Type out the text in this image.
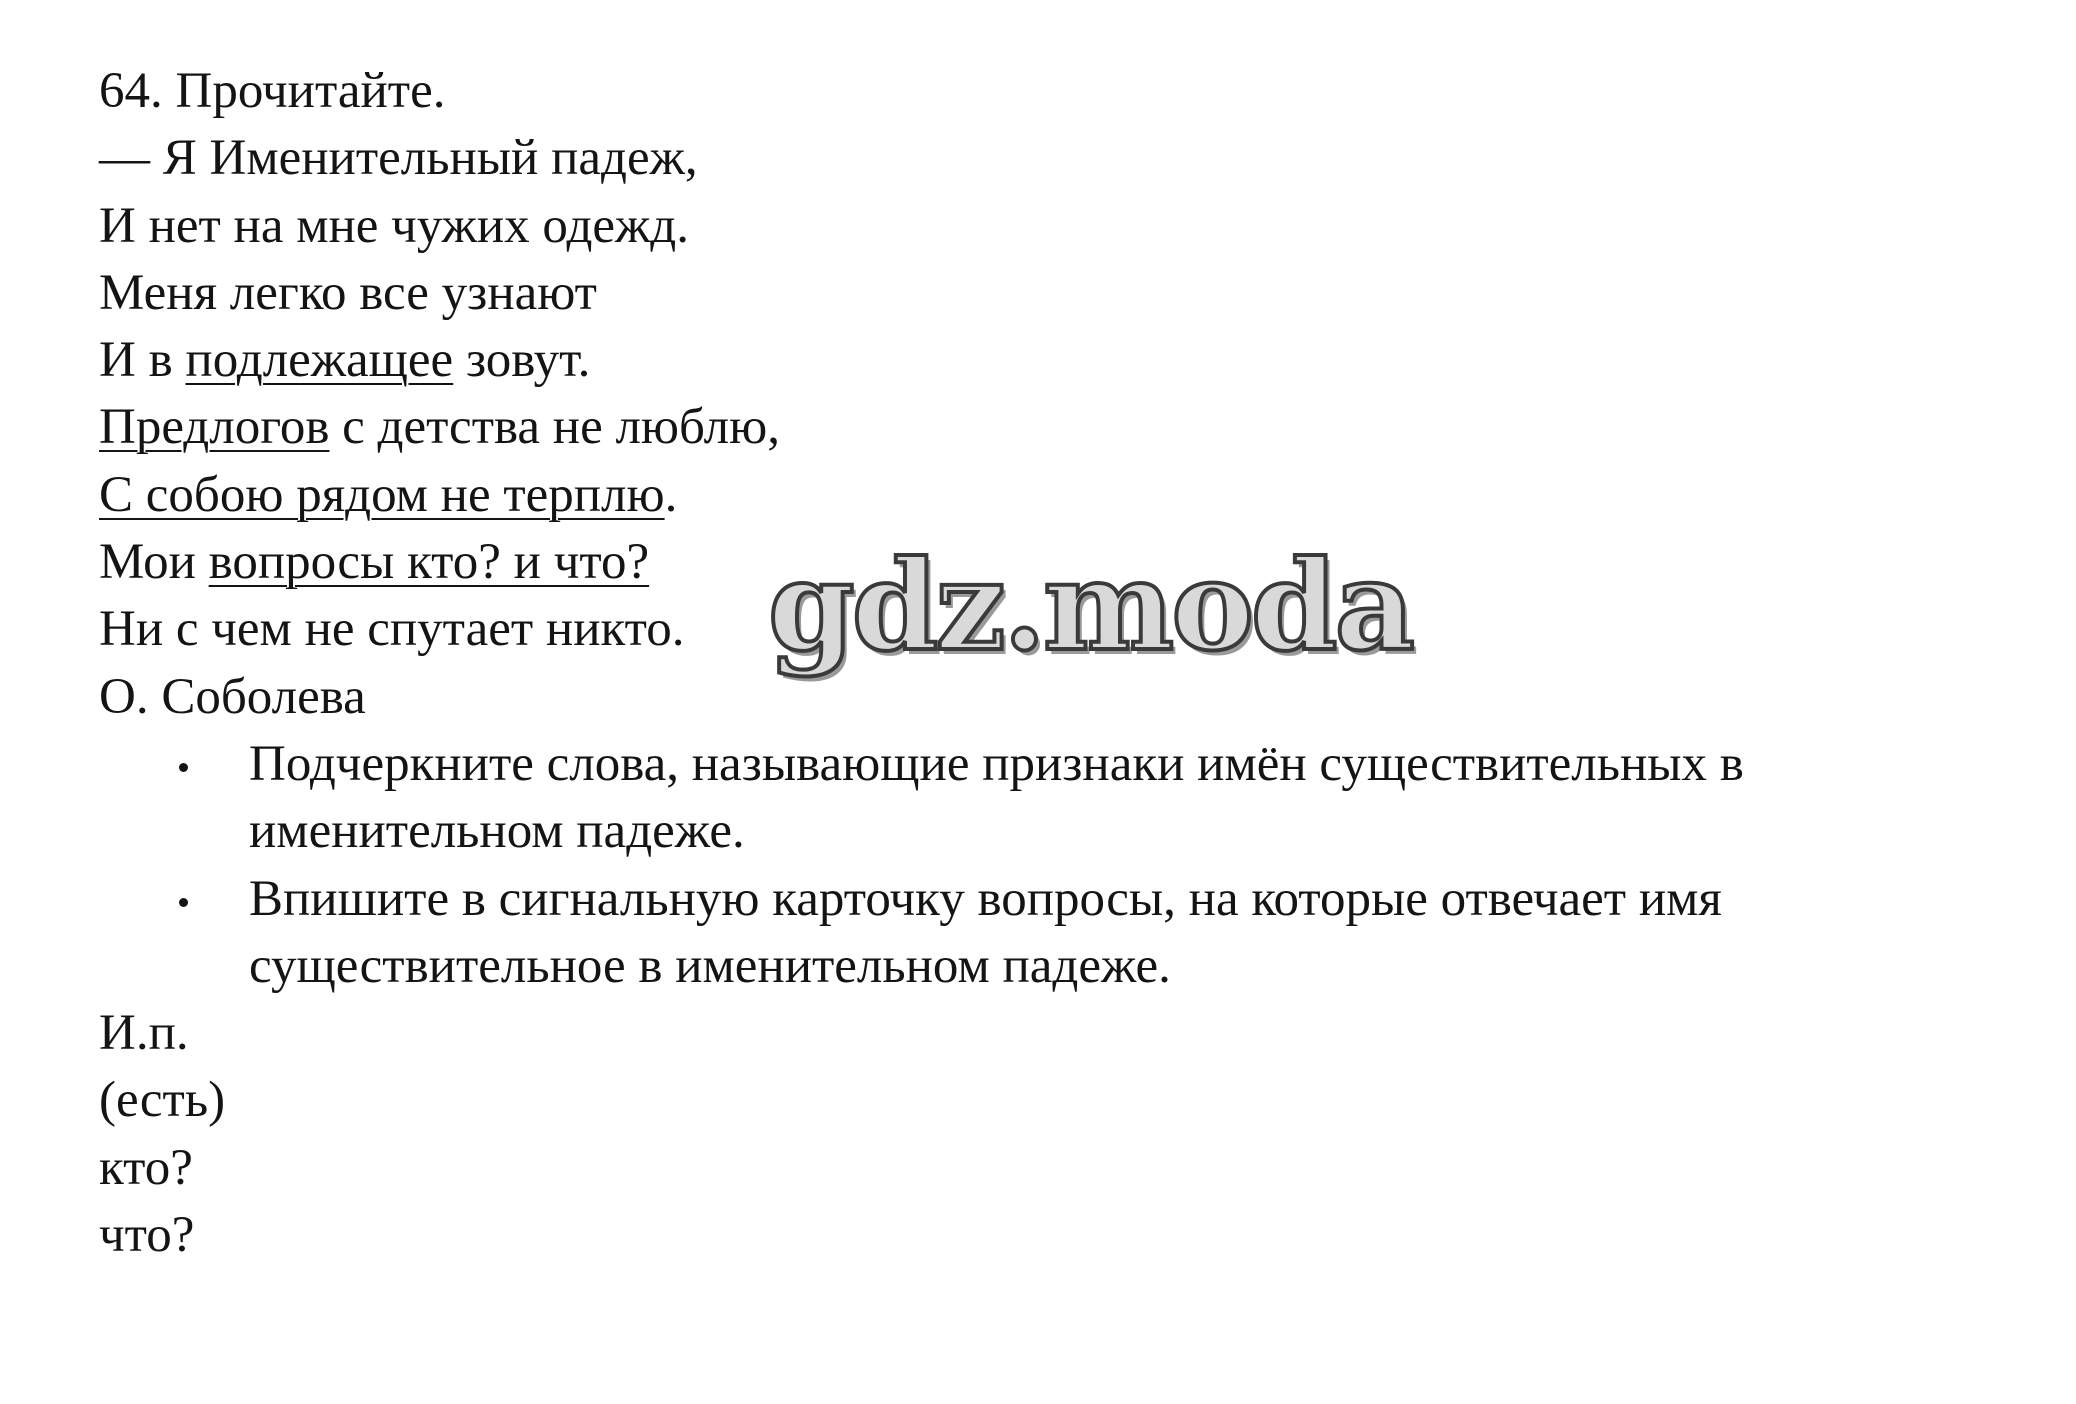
64. Прочитайте.
— Я Именительный падеж,
И нет на мне чужих одежд.
Меня легко все узнают
И в подлежащее зовут.
Предлогов с детства не люблю,
С собою рядом не терплю.
Мои вопросы кто? и что?
Ни с чем не спутает никто.
О. Соболева
Подчеркните слова, называющие признаки имён существительных в именительном падеже.
Впишите в сигнальную карточку вопросы, на которые отвечает имя существительное в именительном падеже.
И.п.
(есть)
кто?
что?
gdz.moda
